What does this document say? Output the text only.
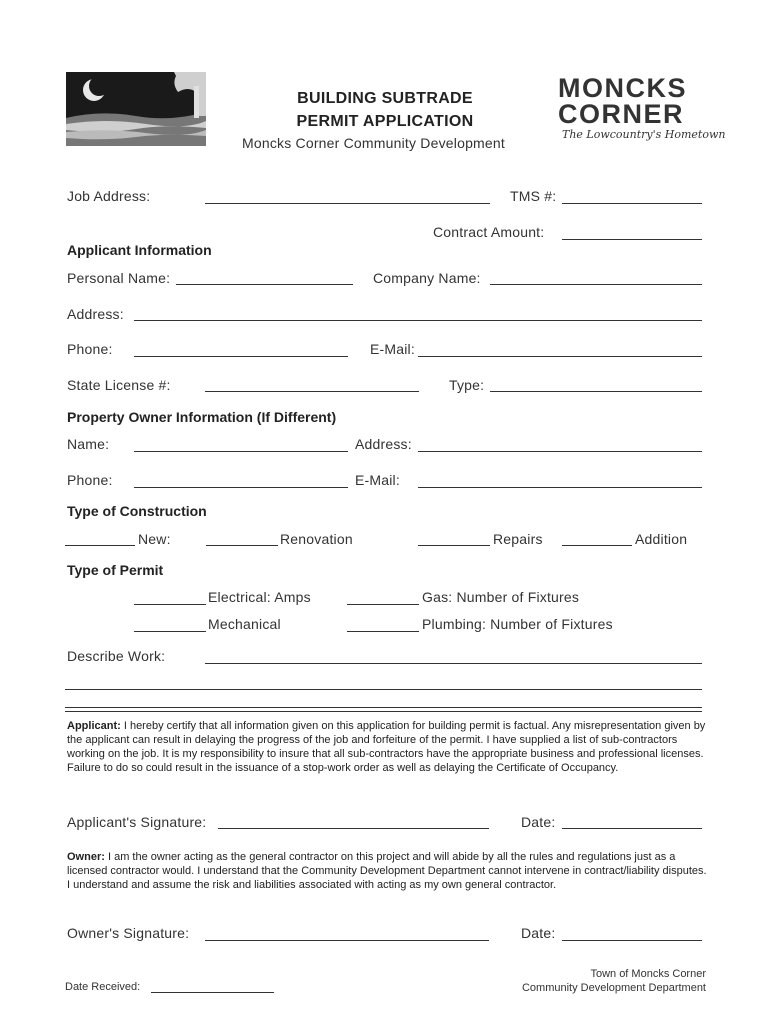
BUILDING SUBTRADE
PERMIT APPLICATION
Moncks Corner Community Development
MONCKS
CORNER
The Lowcountry's Hometown
Job Address:	TMS #:
Contract Amount:
Applicant Information
Personal Name:	Company Name:
Address:
Phone:	E-Mail:
State License #:	Type:
Property Owner Information (If Different)
Name:	Address:
Phone:	E-Mail:
Type of Construction
New:	Renovation	Repairs	Addition
Type of Permit
Electrical: Amps	Gas: Number of Fixtures
Mechanical	Plumbing: Number of Fixtures
Describe Work:
Applicant: I hereby certify that all information given on this application for building permit is factual. Any misrepresentation given by the applicant can result in delaying the progress of the job and forfeiture of the permit. I have supplied a list of sub-contractors working on the job. It is my responsibility to insure that all sub-contractors have the appropriate business and professional licenses. Failure to do so could result in the issuance of a stop-work order as well as delaying the Certificate of Occupancy.
Applicant's Signature:	Date:
Owner: I am the owner acting as the general contractor on this project and will abide by all the rules and regulations just as a licensed contractor would. I understand that the Community Development Department cannot intervene in contract/liability disputes. I understand and assume the risk and liabilities associated with acting as my own general contractor.
Owner's Signature:	Date:
Date Received:
Town of Moncks Corner
Community Development Department
